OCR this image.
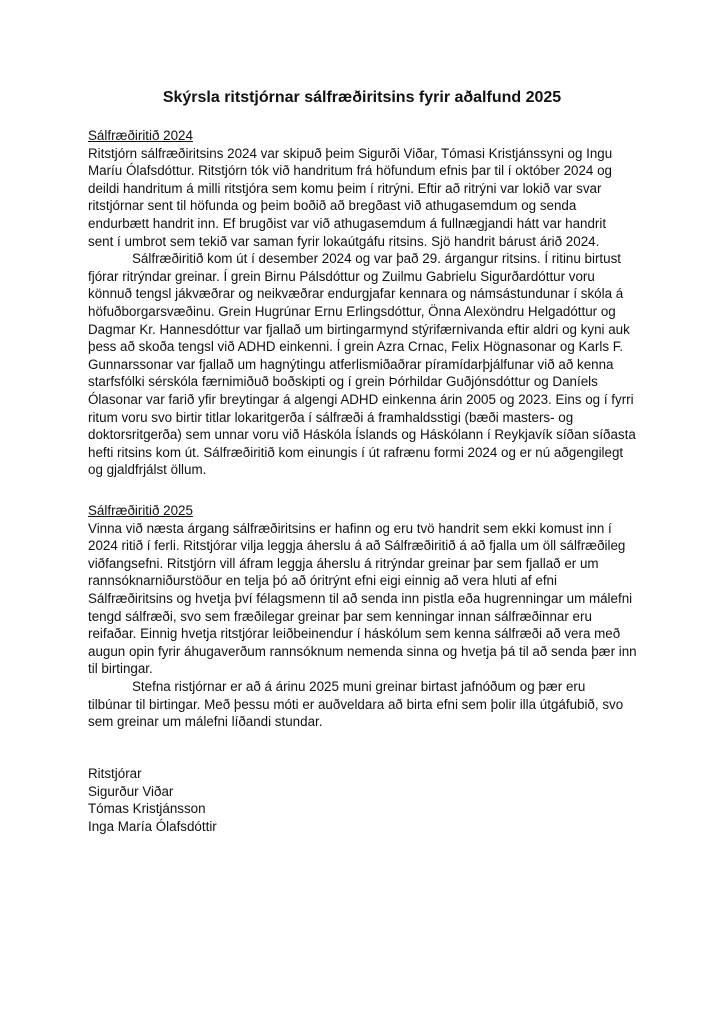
Skýrsla ritstjórnar sálfræðiritsins fyrir aðalfund 2025
Sálfræðiritið 2024
Ritstjórn sálfræðiritsins 2024 var skipuð þeim Sigurði Viðar, Tómasi Kristjánssyni og Ingu
Maríu Ólafsdóttur. Ritstjórn tók við handritum frá höfundum efnis þar til í október 2024 og
deildi handritum á milli ritstjóra sem komu þeim í ritrýni. Eftir að ritrýni var lokið var svar
ritstjórnar sent til höfunda og þeim boðið að bregðast við athugasemdum og senda
endurbætt handrit inn. Ef brugðist var við athugasemdum á fullnægjandi hátt var handrit
sent í umbrot sem tekið var saman fyrir lokaútgáfu ritsins. Sjö handrit bárust árið 2024.
Sálfræðiritið kom út í desember 2024 og var það 29. árgangur ritsins. Í ritinu birtust
fjórar ritrýndar greinar. Í grein Birnu Pálsdóttur og Zuilmu Gabrielu Sigurðardóttur voru
könnuð tengsl jákvæðrar og neikvæðrar endurgjafar kennara og námsástundunar í skóla á
höfuðborgarsvæðinu. Grein Hugrúnar Ernu Erlingsdóttur, Önna Alexöndru Helgadóttur og
Dagmar Kr. Hannesdóttur var fjallað um birtingarmynd stýrifærnivanda eftir aldri og kyni auk
þess að skoða tengsl við ADHD einkenni. Í grein Azra Crnac, Felix Högnasonar og Karls F.
Gunnarssonar var fjallað um hagnýtingu atferlismiðaðrar píramídarþjálfunar við að kenna
starfsfólki sérskóla færnimiðuð boðskipti og í grein Þórhildar Guðjónsdóttur og Daníels
Ólasonar var farið yfir breytingar á algengi ADHD einkenna árin 2005 og 2023. Eins og í fyrri
ritum voru svo birtir titlar lokaritgerða í sálfræði á framhaldsstigi (bæði masters- og
doktorsritgerða) sem unnar voru við Háskóla Íslands og Háskólann í Reykjavík síðan síðasta
hefti ritsins kom út. Sálfræðiritið kom einungis í út rafrænu formi 2024 og er nú aðgengilegt
og gjaldfrjálst öllum.
Sálfræðiritið 2025
Vinna við næsta árgang sálfræðiritsins er hafinn og eru tvö handrit sem ekki komust inn í
2024 ritið í ferli. Ritstjórar vilja leggja áherslu á að Sálfræðiritið á að fjalla um öll sálfræðileg
viðfangsefni. Ritstjórn vill áfram leggja áherslu á ritrýndar greinar þar sem fjallað er um
rannsóknarniðurstöður en telja þó að óritrýnt efni eigi einnig að vera hluti af efni
Sálfræðiritsins og hvetja því félagsmenn til að senda inn pistla eða hugrenningar um málefni
tengd sálfræði, svo sem fræðilegar greinar þar sem kenningar innan sálfræðinnar eru
reifaðar. Einnig hvetja ritstjórar leiðbeinendur í háskólum sem kenna sálfræði að vera með
augun opin fyrir áhugaverðum rannsóknum nemenda sinna og hvetja þá til að senda þær inn
til birtingar.
Stefna ristjórnar er að á árinu 2025 muni greinar birtast jafnóðum og þær eru
tilbúnar til birtingar. Með þessu móti er auðveldara að birta efni sem þolir illa útgáfubið, svo
sem greinar um málefni líðandi stundar.
Ritstjórar
Sigurður Viðar
Tómas Kristjánsson
Inga María Ólafsdóttir
